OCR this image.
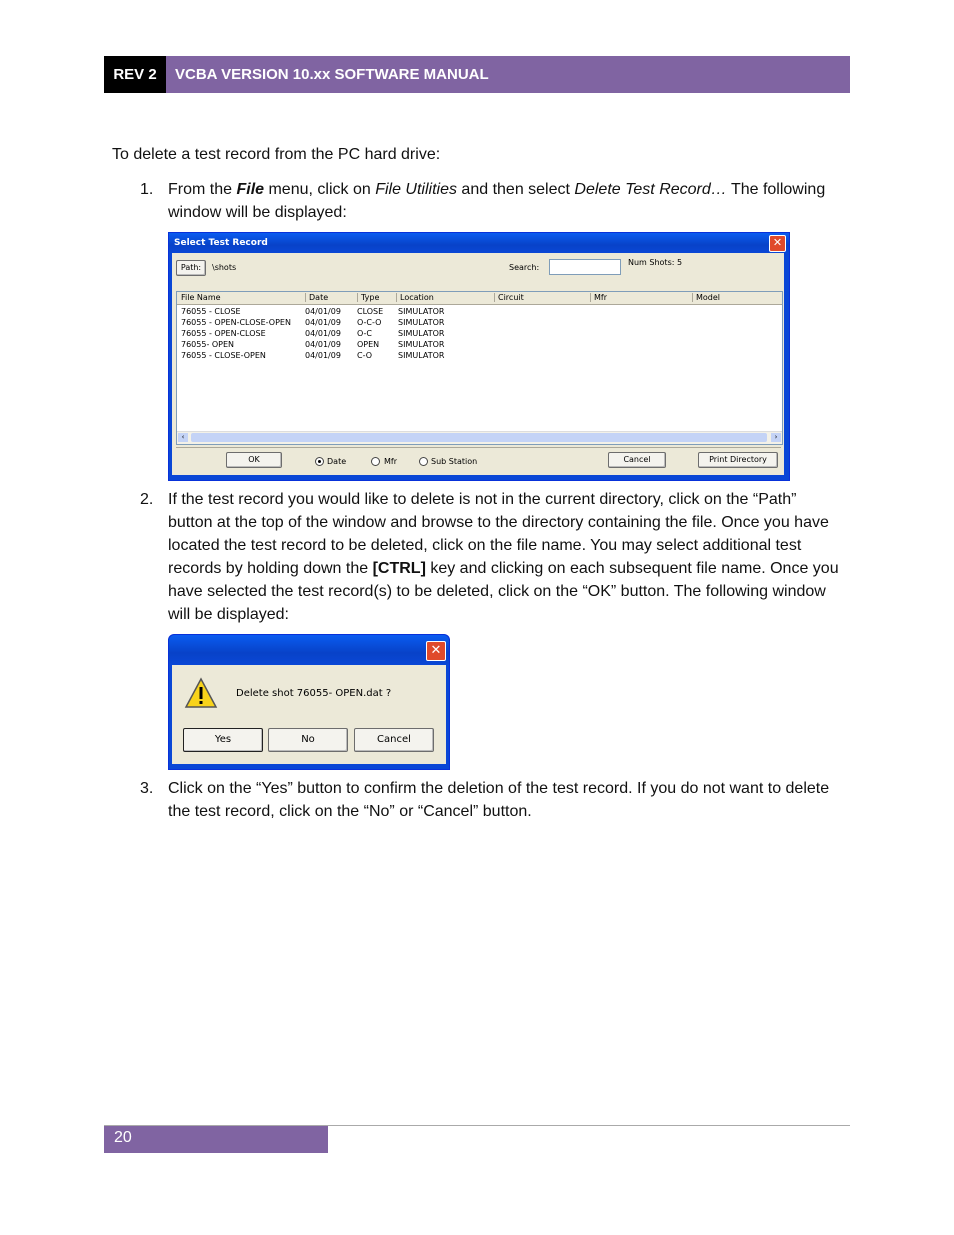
REV 2	VCBA VERSION 10.xx SOFTWARE MANUAL
To delete a test record from the PC hard drive:
1. From the File menu, click on File Utilities and then select Delete Test Record… The following window will be displayed:
Select Test Record	✕
Path:	\shots	Search:
Num Shots: 5
File Name	Date	Type	Location	Circuit	Mfr	Model
76055 - CLOSE	04/01/09 CLOSE SIMULATOR
76055 - OPEN-CLOSE-OPEN 04/01/09 O-C-O SIMULATOR
76055 - OPEN-CLOSE	04/01/09 O-C	SIMULATOR
76055- OPEN	04/01/09 OPEN SIMULATOR
76055 - CLOSE-OPEN	04/01/09 C-O	SIMULATOR
‹	›
OK	Date	Mfr	Sub Station	Cancel	Print Directory
2. If the test record you would like to delete is not in the current directory, click on the “Path” button at the top of the window and browse to the directory containing the file. Once you have located the test record to be deleted, click on the file name. You may select additional test records by holding down the [CTRL] key and clicking on each subsequent file name. Once you have selected the test record(s) to be deleted, click on the “OK” button. The following window will be displayed:
✕
Delete shot 76055- OPEN.dat ?
Yes	No	Cancel
3. Click on the “Yes” button to confirm the deletion of the test record. If you do not want to delete the test record, click on the “No” or “Cancel” button.
20
